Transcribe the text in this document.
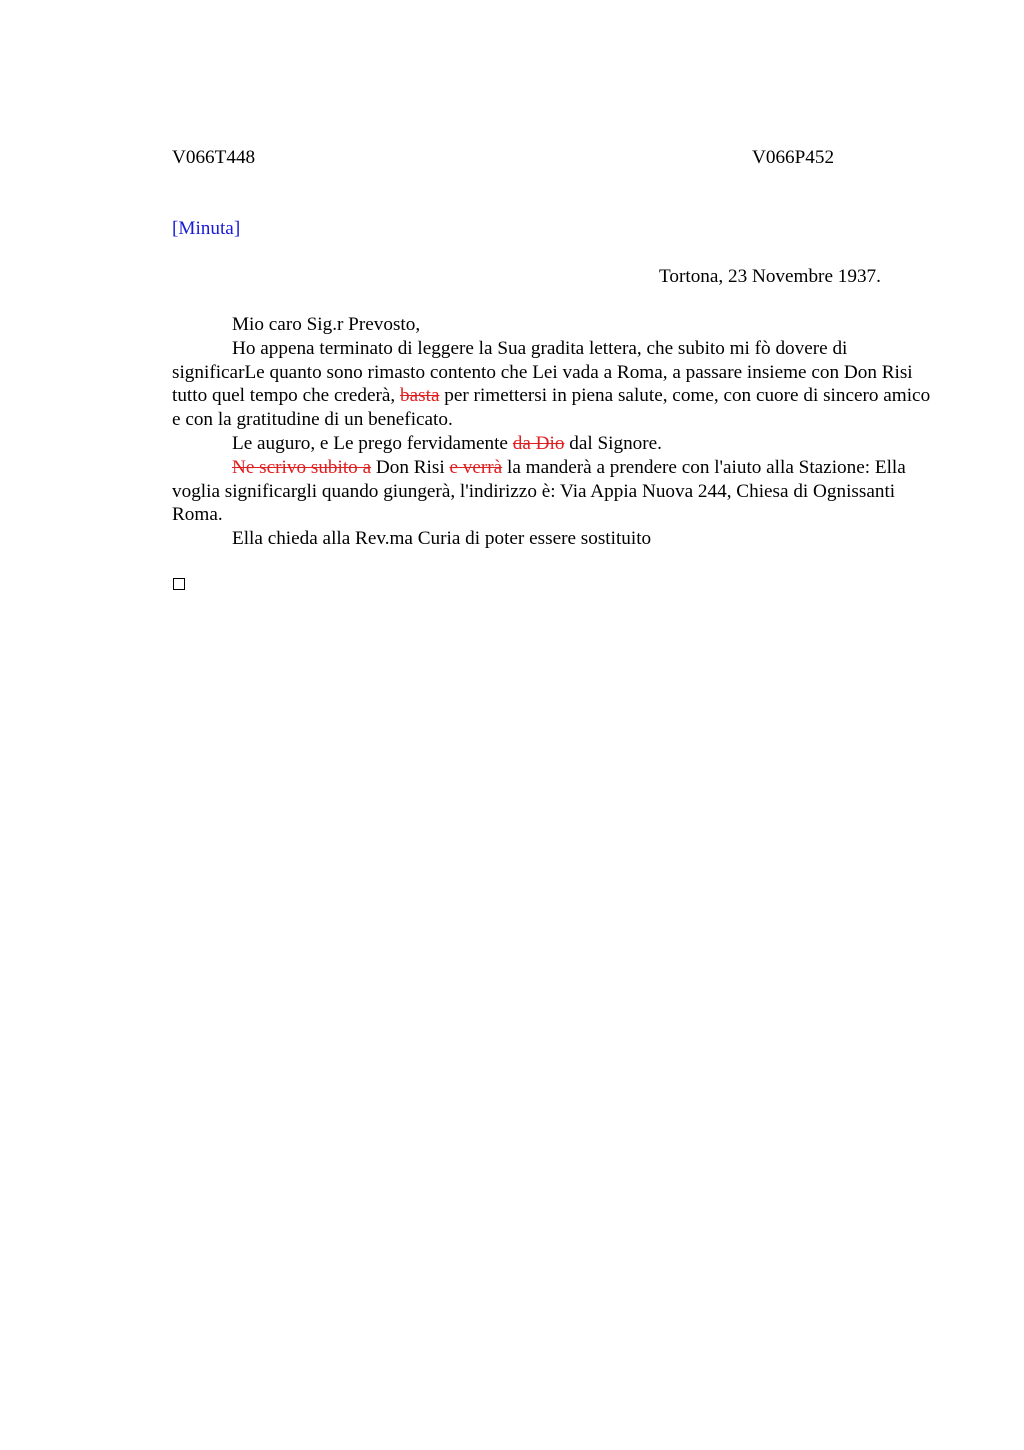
V066T448	V066P452
[Minuta]
Tortona, 23 Novembre 1937.

Mio caro Sig.r Prevosto,

Ho appena terminato di leggere la Sua gradita lettera, che subito mi fò dovere di significarLe quanto sono rimasto contento che Lei vada a Roma, a passare insieme con Don Risi tutto quel tempo che crederà, basta per rimettersi in piena salute, come, con cuore di sincero amico e con la gratitudine di un beneficato.

Le auguro, e Le prego fervidamente da Dio dal Signore.

Ne scrivo subito a Don Risi e verrà la manderà a prendere con l'aiuto alla Stazione: Ella voglia significargli quando giungerà, l'indirizzo è: Via Appia Nuova 244, Chiesa di Ognissanti Roma.

Ella chieda alla Rev.ma Curia di poter essere sostituito
